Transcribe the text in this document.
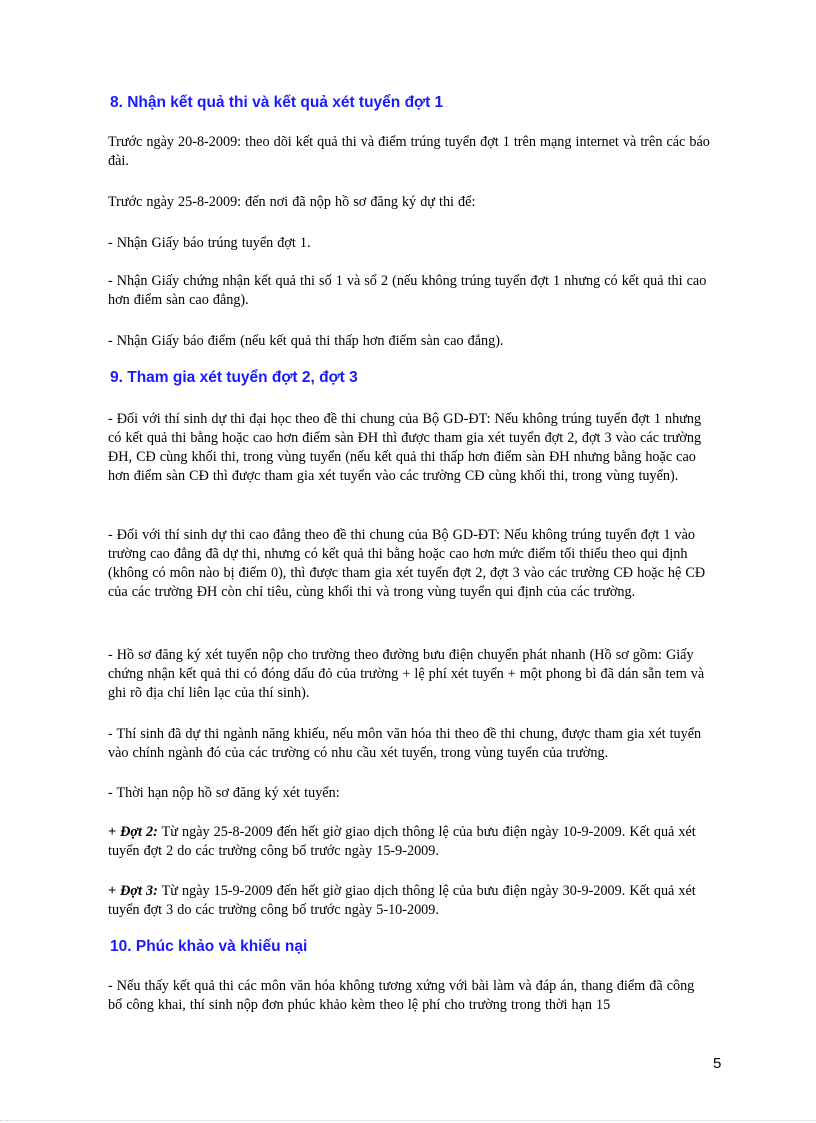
8. Nhận kết quả thi và kết quả xét tuyển đợt 1
Trước ngày 20-8-2009: theo dõi kết quả thi và điểm trúng tuyển đợt 1 trên mạng internet và trên các báo đài.
Trước ngày 25-8-2009: đến nơi đã nộp hồ sơ đăng ký dự thi để:
- Nhận Giấy báo trúng tuyển đợt 1.
- Nhận Giấy chứng nhận kết quả thi số 1 và số 2 (nếu không trúng tuyển đợt 1 nhưng có kết quả thi cao hơn điểm sàn cao đẳng).
- Nhận Giấy báo điểm (nếu kết quả thi thấp hơn điểm sàn cao đẳng).
9. Tham gia xét tuyển đợt 2, đợt 3
- Đối với thí sinh dự thi đại học theo đề thi chung của Bộ GD-ĐT: Nếu không trúng tuyển đợt 1 nhưng có kết quả thi bằng hoặc cao hơn điểm sàn ĐH thì được tham gia xét tuyển đợt 2, đợt 3 vào các trường ĐH, CĐ cùng khối thi, trong vùng tuyển (nếu kết quả thi thấp hơn điểm sàn ĐH nhưng bằng hoặc cao hơn điểm sàn CĐ thì được tham gia xét tuyển vào các trường CĐ cùng khối thi, trong vùng tuyển).
- Đối với thí sinh dự thi cao đẳng theo đề thi chung của Bộ GD-ĐT: Nếu không trúng tuyển đợt 1 vào trường cao đẳng đã dự thi, nhưng có kết quả thi bằng hoặc cao hơn mức điểm tối thiểu theo qui định (không có môn nào bị điểm 0), thì được tham gia xét tuyển đợt 2, đợt 3 vào các trường CĐ hoặc hệ CĐ của các trường ĐH còn chỉ tiêu, cùng khối thi và trong vùng tuyển qui định của các trường.
- Hồ sơ đăng ký xét tuyển nộp cho trường theo đường bưu điện chuyển phát nhanh (Hồ sơ gồm: Giấy chứng nhận kết quả thi có đóng dấu đỏ của trường + lệ phí xét tuyển + một phong bì đã dán sẵn tem và ghi rõ địa chỉ liên lạc của thí sinh).
- Thí sinh đã dự thi ngành năng khiếu, nếu môn văn hóa thi theo đề thi chung, được tham gia xét tuyển vào chính ngành đó của các trường có nhu cầu xét tuyển, trong vùng tuyển của trường.
- Thời hạn nộp hồ sơ đăng ký xét tuyển:
+ Đợt 2: Từ ngày 25-8-2009 đến hết giờ giao dịch thông lệ của bưu điện ngày 10-9-2009. Kết quả xét tuyển đợt 2 do các trường công bố trước ngày 15-9-2009.
+ Đợt 3: Từ ngày 15-9-2009 đến hết giờ giao dịch thông lệ của bưu điện ngày 30-9-2009. Kết quả xét tuyển đợt 3 do các trường công bố trước ngày 5-10-2009.
10. Phúc khảo và khiếu nại
- Nếu thấy kết quả thi các môn văn hóa không tương xứng với bài làm và đáp án, thang điểm đã công bố công khai, thí sinh nộp đơn phúc khảo kèm theo lệ phí cho trường trong thời hạn 15
5
